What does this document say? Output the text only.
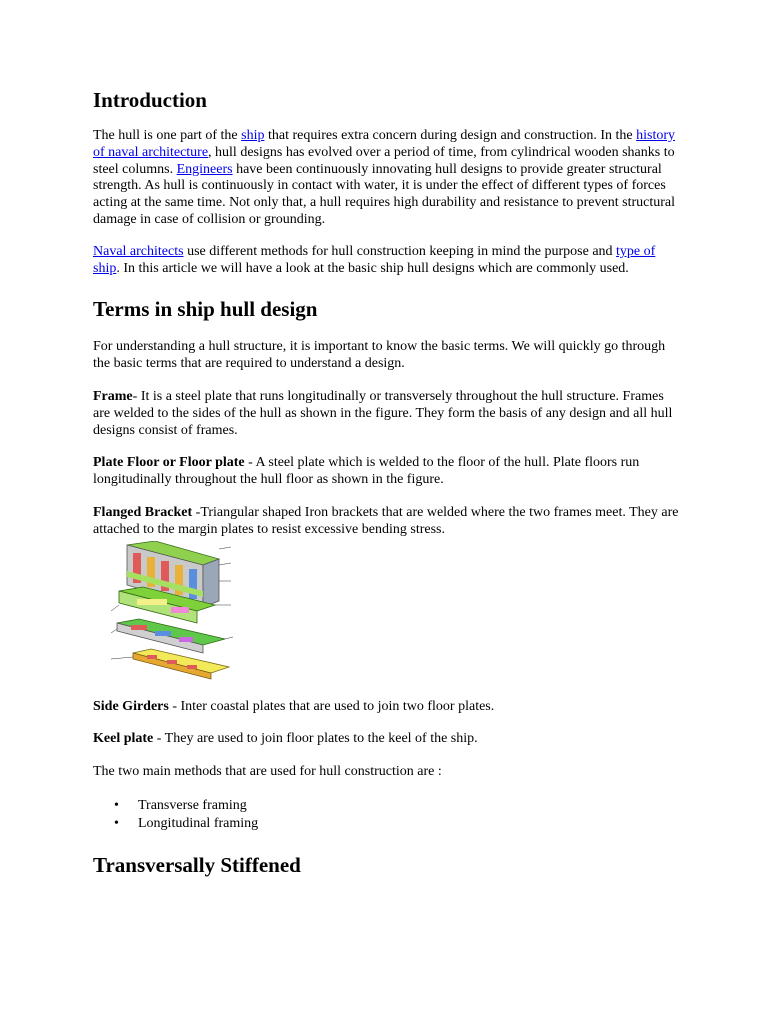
Introduction

The hull is one part of the ship that requires extra concern during design and construction. In the history of naval architecture, hull designs has evolved over a period of time, from cylindrical wooden shanks to steel columns. Engineers have been continuously innovating hull designs to provide greater structural strength. As hull is continuously in contact with water, it is under the effect of different types of forces acting at the same time. Not only that, a hull requires high durability and resistance to prevent structural damage in case of collision or grounding.

Naval architects use different methods for hull construction keeping in mind the purpose and type of ship. In this article we will have a look at the basic ship hull designs which are commonly used.

Terms in ship hull design

For understanding a hull structure, it is important to know the basic terms. We will quickly go through the basic terms that are required to understand a design.

Frame- It is a steel plate that runs longitudinally or transversely throughout the hull structure. Frames are welded to the sides of the hull as shown in the figure. They form the basis of any design and all hull designs consist of frames.

Plate Floor or Floor plate - A steel plate which is welded to the floor of the hull. Plate floors run longitudinally throughout the hull floor as shown in the figure.

Flanged Bracket -Triangular shaped Iron brackets that are welded where the two frames meet. They are attached to the margin plates to resist excessive bending stress.

Side Girders - Inter coastal plates that are used to join two floor plates.

Keel plate - They are used to join floor plates to the keel of the ship.

The two main methods that are used for hull construction are :

• Transverse framing
• Longitudinal framing
Transversally Stiffened
